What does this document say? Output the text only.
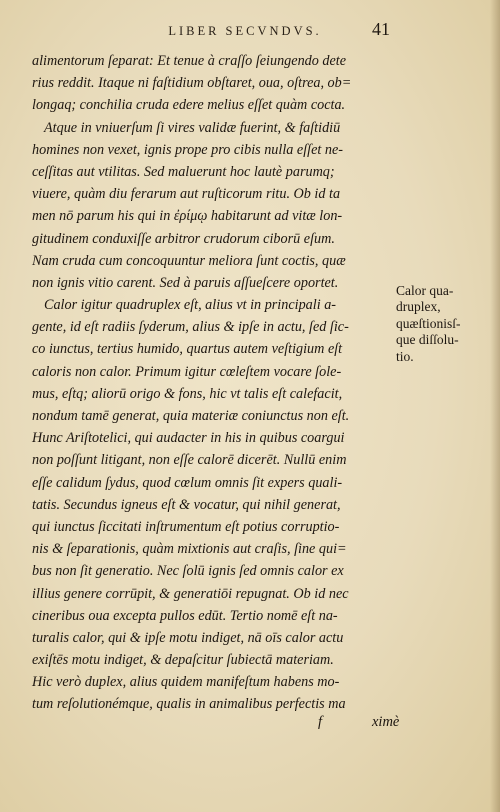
LIBER SECVNDVS.	41
alimentorum ſeparat: Et tenue à craſſo ſeiungendo dete
rius reddit. Itaque ni faſtidium obſtaret, oua, oſtrea, ob=
longaq; conchilia cruda edere melius eſſet quàm cocta.
Atque in vniuerſum ſi vires validæ fuerint, & faſtidiū
homines non vexet, ignis prope pro cibis nulla eſſet ne-
ceſſitas aut vtilitas. Sed maluerunt hoc lautè parumq;
viuere, quàm diu ferarum aut ruſticorum ritu. Ob id ta
men nō parum his qui in ἐρίμῳ habitarunt ad vitæ lon-
gitudinem conduxiſſe arbitror crudorum ciborū eſum.
Nam cruda cum concoquuntur meliora ſunt coctis, quæ
non ignis vitio carent. Sed à paruis aſſueſcere oportet.
Calor igitur quadruplex eſt, alius vt in principali a-
gente, id eſt radiis ſyderum, alius & ipſe in actu, ſed ſic-
co iunctus, tertius humido, quartus autem veſtigium eſt
caloris non calor. Primum igitur cœleſtem vocare ſole-
mus, eſtq; aliorū origo & fons, hic vt talis eſt calefacit,
nondum tamē generat, quia materiæ coniunctus non eſt.
Hunc Ariſtotelici, qui audacter in his in quibus coargui
non poſſunt litigant, non eſſe calorē dicerēt. Nullū enim
eſſe calidum ſydus, quod cœlum omnis ſit expers quali-
tatis. Secundus igneus eſt & vocatur, qui nihil generat,
qui iunctus ſiccitati inſtrumentum eſt potius corruptio-
nis & ſeparationis, quàm mixtionis aut craſis, ſine qui=
bus non ſit generatio. Nec ſolū ignis ſed omnis calor ex
illius genere corrūpit, & generatiōi repugnat. Ob id nec
cineribus oua excepta pullos edūt. Tertio nomē eſt na-
turalis calor, qui & ipſe motu indiget, nā oīs calor actu
exiſtēs motu indiget, & depaſcitur ſubiectā materiam.
Hic verò duplex, alius quidem manifeſtum habens mo-
tum reſolutionémque, qualis in animalibus perfectis ma
Calor qua-
druplex,
quæſtionisſ-
que diſſolu-
tio.
f	ximè
